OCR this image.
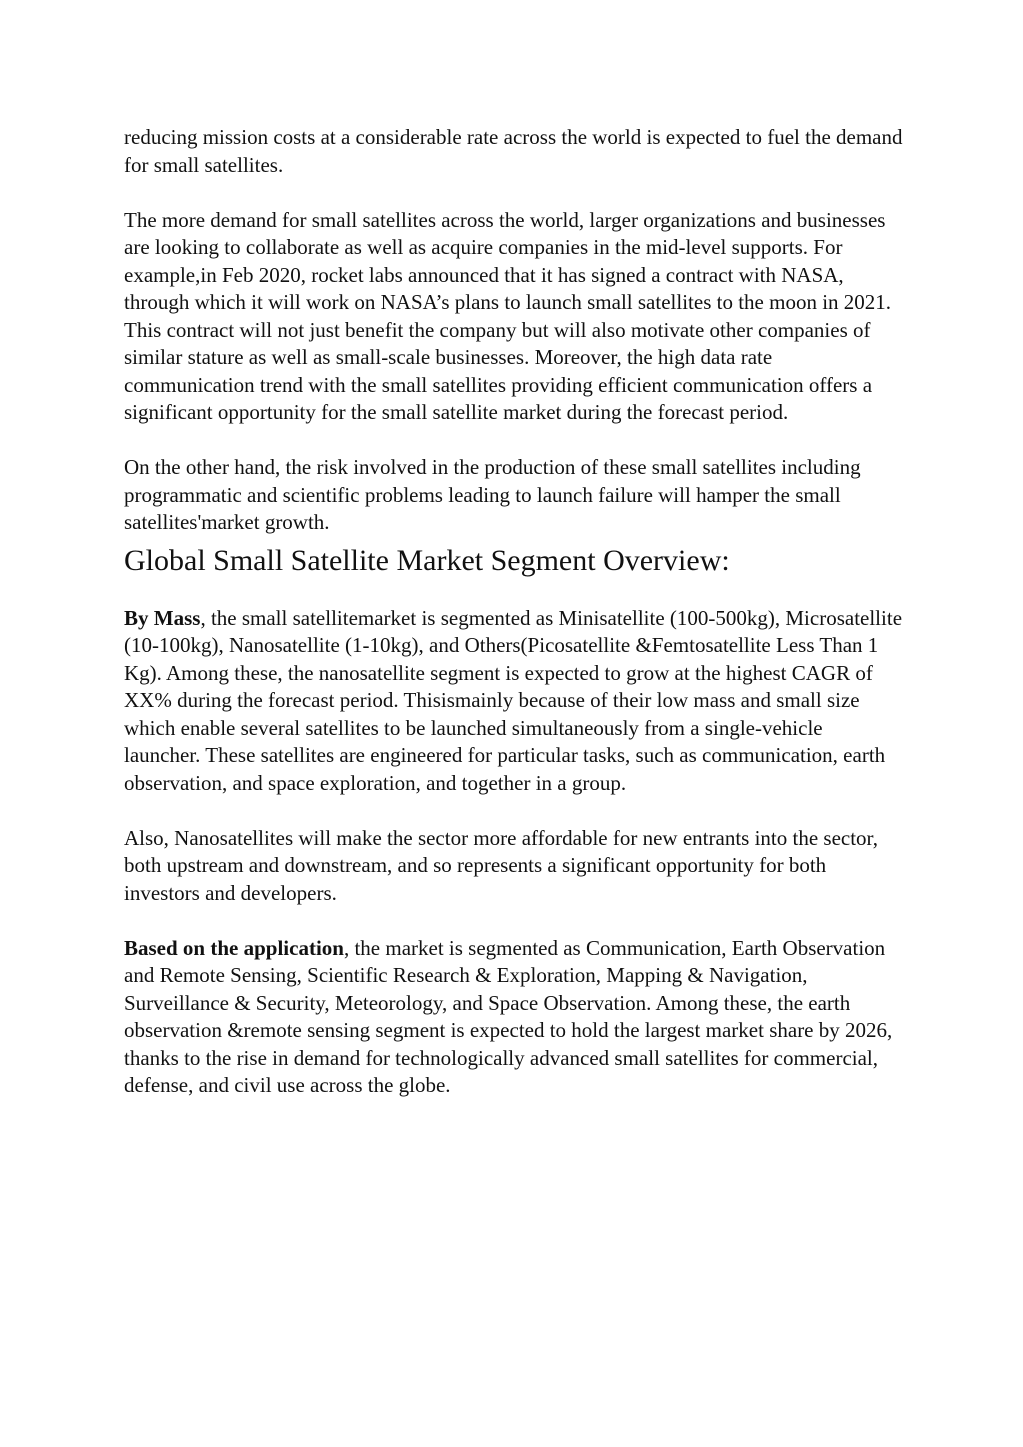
reducing mission costs at a considerable rate across the world is expected to fuel the demand for small satellites.

The more demand for small satellites across the world, larger organizations and businesses are looking to collaborate as well as acquire companies in the mid-level supports. For example,in Feb 2020, rocket labs announced that it has signed a contract with NASA, through which it will work on NASA’s plans to launch small satellites to the moon in 2021. This contract will not just benefit the company but will also motivate other companies of similar stature as well as small-scale businesses. Moreover, the high data rate communication trend with the small satellites providing efficient communication offers a significant opportunity for the small satellite market during the forecast period.

On the other hand, the risk involved in the production of these small satellites including programmatic and scientific problems leading to launch failure will hamper the small satellites'market growth.

Global Small Satellite Market Segment Overview:

By Mass, the small satellitemarket is segmented as Minisatellite (100-500kg), Microsatellite (10-100kg), Nanosatellite (1-10kg), and Others(Picosatellite &Femtosatellite Less Than 1 Kg). Among these, the nanosatellite segment is expected to grow at the highest CAGR of XX% during the forecast period. Thisismainly because of their low mass and small size which enable several satellites to be launched simultaneously from a single-vehicle launcher. These satellites are engineered for particular tasks, such as communication, earth observation, and space exploration, and together in a group.

Also, Nanosatellites will make the sector more affordable for new entrants into the sector, both upstream and downstream, and so represents a significant opportunity for both investors and developers.

Based on the application, the market is segmented as Communication, Earth Observation and Remote Sensing, Scientific Research & Exploration, Mapping & Navigation, Surveillance & Security, Meteorology, and Space Observation. Among these, the earth observation &remote sensing segment is expected to hold the largest market share by 2026, thanks to the rise in demand for technologically advanced small satellites for commercial, defense, and civil use across the globe.
